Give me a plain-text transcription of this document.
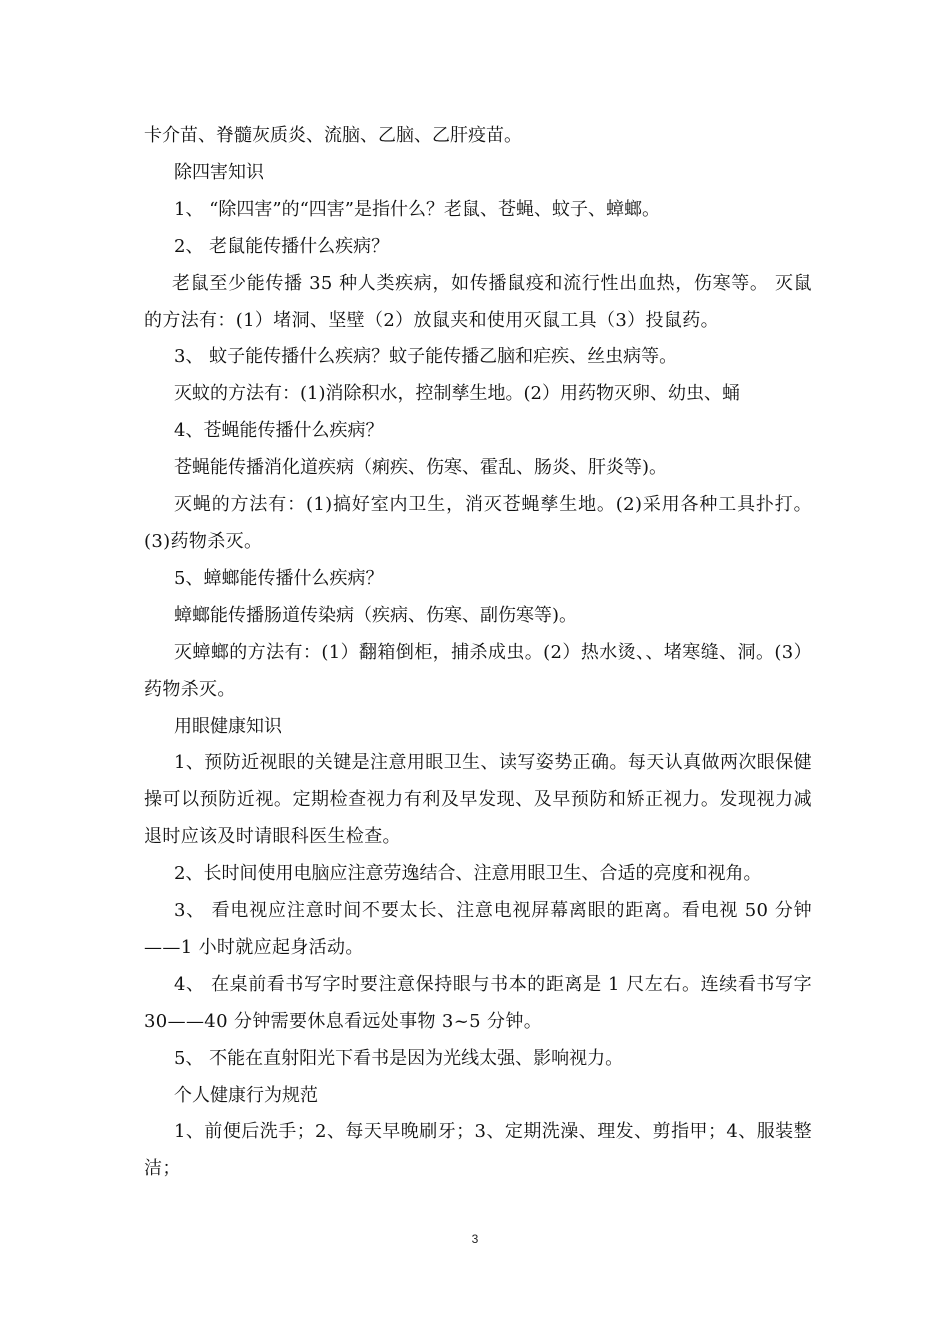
卡介苗、脊髓灰质炎、流脑、乙脑、乙肝疫苗。

除四害知识

1、 “除四害”的“四害”是指什么？老鼠、苍蝇、蚊子、蟑螂。

2、 老鼠能传播什么疾病？

老鼠至少能传播 35 种人类疾病，如传播鼠疫和流行性出血热，伤寒等。 灭鼠的方法有：(1）堵洞、坚壁（2）放鼠夹和使用灭鼠工具（3）投鼠药。

3、 蚊子能传播什么疾病？蚊子能传播乙脑和疟疾、丝虫病等。

灭蚊的方法有：(1)消除积水，控制孳生地。(2）用药物灭卵、幼虫、蛹

4、苍蝇能传播什么疾病？

苍蝇能传播消化道疾病（痢疾、伤寒、霍乱、肠炎、肝炎等)。

灭蝇的方法有：(1)搞好室内卫生，消灭苍蝇孳生地。(2)采用各种工具扑打。(3)药物杀灭。

5、蟑螂能传播什么疾病？

蟑螂能传播肠道传染病（疾病、伤寒、副伤寒等)。

灭蟑螂的方法有：(1）翻箱倒柜，捕杀成虫。(2）热水烫、、堵寒缝、洞。(3）药物杀灭。

用眼健康知识

1、预防近视眼的关键是注意用眼卫生、读写姿势正确。每天认真做两次眼保健操可以预防近视。定期检查视力有利及早发现、及早预防和矫正视力。发现视力减退时应该及时请眼科医生检查。

2、长时间使用电脑应注意劳逸结合、注意用眼卫生、合适的亮度和视角。

3、 看电视应注意时间不要太长、注意电视屏幕离眼的距离。看电视 50 分钟——1 小时就应起身活动。

4、 在桌前看书写字时要注意保持眼与书本的距离是 1 尺左右。连续看书写字 30——40 分钟需要休息看远处事物 3~5 分钟。

5、 不能在直射阳光下看书是因为光线太强、影响视力。

个人健康行为规范

1、前便后洗手；2、每天早晚刷牙；3、定期洗澡、理发、剪指甲；4、服装整洁；

3
